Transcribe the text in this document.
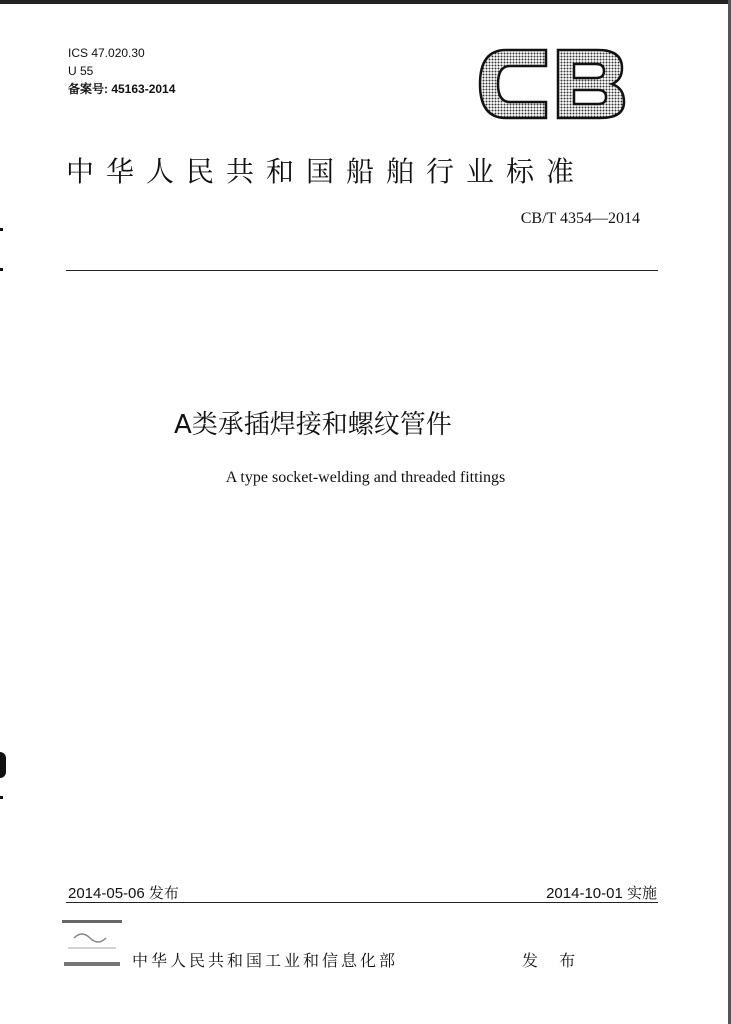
ICS 47.020.30
U 55
备案号: 45163-2014
中华人民共和国船舶行业标准
CB/T 4354—2014
A类承插焊接和螺纹管件
A type socket-welding and threaded fittings
2014-05-06 发布	2014-10-01 实施
中华人民共和国工业和信息化部	发 布
